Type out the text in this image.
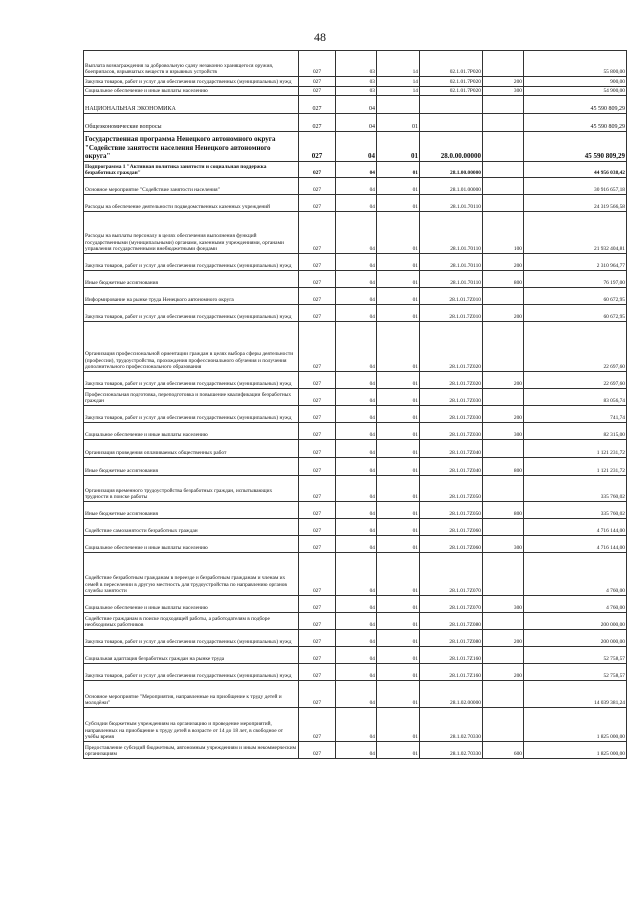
48
Выплата вознаграждения за добровольную сдачу незаконно хранящегося оружия, боеприпасов, взрывчатых веществ и взрывных устройств	027	03	14	02.1.01.7P020		55 800,00
Закупка товаров, работ и услуг для обеспечения государственных (муниципальных) нужд	027	03	14	02.1.01.7P020	200	900,00
Социальное обеспечение и иные выплаты населению	027	03	14	02.1.01.7P020	300	54 900,00
НАЦИОНАЛЬНАЯ ЭКОНОМИКА	027	04				45 590 809,29
Общеэкономические вопросы	027	04	01			45 590 809,29
Государственная программа Ненецкого автономного округа "Содействие занятости населения Ненецкого автономного округа"	027	04	01	28.0.00.00000		45 590 809,29
Подпрограмма 1 "Активная политика занятости и социальная поддержка безработных граждан"	027	04	01	28.1.00.00000		44 956 038,42
Основное мероприятие "Содействие занятости населения"	027	04	01	28.1.01.00000		30 916 657,18
Расходы на обеспечение деятельности подведомственных казенных учреждений	027	04	01	28.1.01.70110		24 319 566,58
Расходы на выплаты персоналу в целях обеспечения выполнения функций государственными (муниципальными) органами, казенными учреждениями, органами управления государственными внебюджетными фондами	027	04	01	28.1.01.70110	100	21 932 404,81
Закупка товаров, работ и услуг для обеспечения государственных (муниципальных) нужд	027	04	01	28.1.01.70110	200	2 310 964,77
Иные бюджетные ассигнования	027	04	01	28.1.01.70110	800	76 197,00
Информирование на рынке труда Ненецкого автономного округа	027	04	01	28.1.01.7Z010		60 672,95
Закупка товаров, работ и услуг для обеспечения государственных (муниципальных) нужд	027	04	01	28.1.01.7Z010	200	60 672,95
Организация профессиональной ориентации граждан в целях выбора сферы деятельности (профессии), трудоустройства, прохождения профессионального обучения и получения дополнительного профессионального образования	027	04	01	28.1.01.7Z020		22 697,60
Закупка товаров, работ и услуг для обеспечения государственных (муниципальных) нужд	027	04	01	28.1.01.7Z020	200	22 697,60
Профессиональная подготовка, переподготовка и повышение квалификации безработных граждан	027	04	01	28.1.01.7Z030		83 056,74
Закупка товаров, работ и услуг для обеспечения государственных (муниципальных) нужд	027	04	01	28.1.01.7Z030	200	741,74
Социальное обеспечение и иные выплаты населению	027	04	01	28.1.01.7Z030	300	82 315,00
Организация проведения оплачиваемых общественных работ	027	04	01	28.1.01.7Z040		1 121 231,72
Иные бюджетные ассигнования	027	04	01	28.1.01.7Z040	800	1 121 231,72
Организация временного трудоустройства безработных граждан, испытывающих трудности в поиске работы	027	04	01	28.1.01.7Z050		335 760,02
Иные бюджетные ассигнования	027	04	01	28.1.01.7Z050	800	335 760,02
Содействие самозанятости безработных граждан	027	04	01	28.1.01.7Z060		4 716 144,00
Социальное обеспечение и иные выплаты населению	027	04	01	28.1.01.7Z060	300	4 716 144,00
Содействие безработным гражданам в переезде и безработным гражданам и членам их семей в переселении в другую местность для трудоустройства по направлению органов службы занятости	027	04	01	28.1.01.7Z070		4 760,00
Социальное обеспечение и иные выплаты населению	027	04	01	28.1.01.7Z070	300	4 760,00
Содействие гражданам в поиске подходящей работы, а работодателям в подборе необходимых работников	027	04	01	28.1.01.7Z080		200 000,00
Закупка товаров, работ и услуг для обеспечения государственных (муниципальных) нужд	027	04	01	28.1.01.7Z080	200	200 000,00
Социальная адаптация безработных граждан на рынке труда	027	04	01	28.1.01.7Z160		52 758,57
Закупка товаров, работ и услуг для обеспечения государственных (муниципальных) нужд	027	04	01	28.1.01.7Z160	200	52 758,57
Основное мероприятие "Мероприятия, направленные на приобщение к труду детей и молодёжи"	027	04	01	28.1.02.00000		14 039 381,24
Субсидии бюджетным учреждениям на организацию и проведение мероприятий, направленных на приобщение к труду детей в возрасте от 14 до 18 лет, в свободное от учёбы время	027	04	01	28.1.02.70330		1 825 000,00
Предоставление субсидий бюджетным, автономным учреждениям и иным некоммерческим организациям	027	04	01	28.1.02.70330	600	1 825 000,00
